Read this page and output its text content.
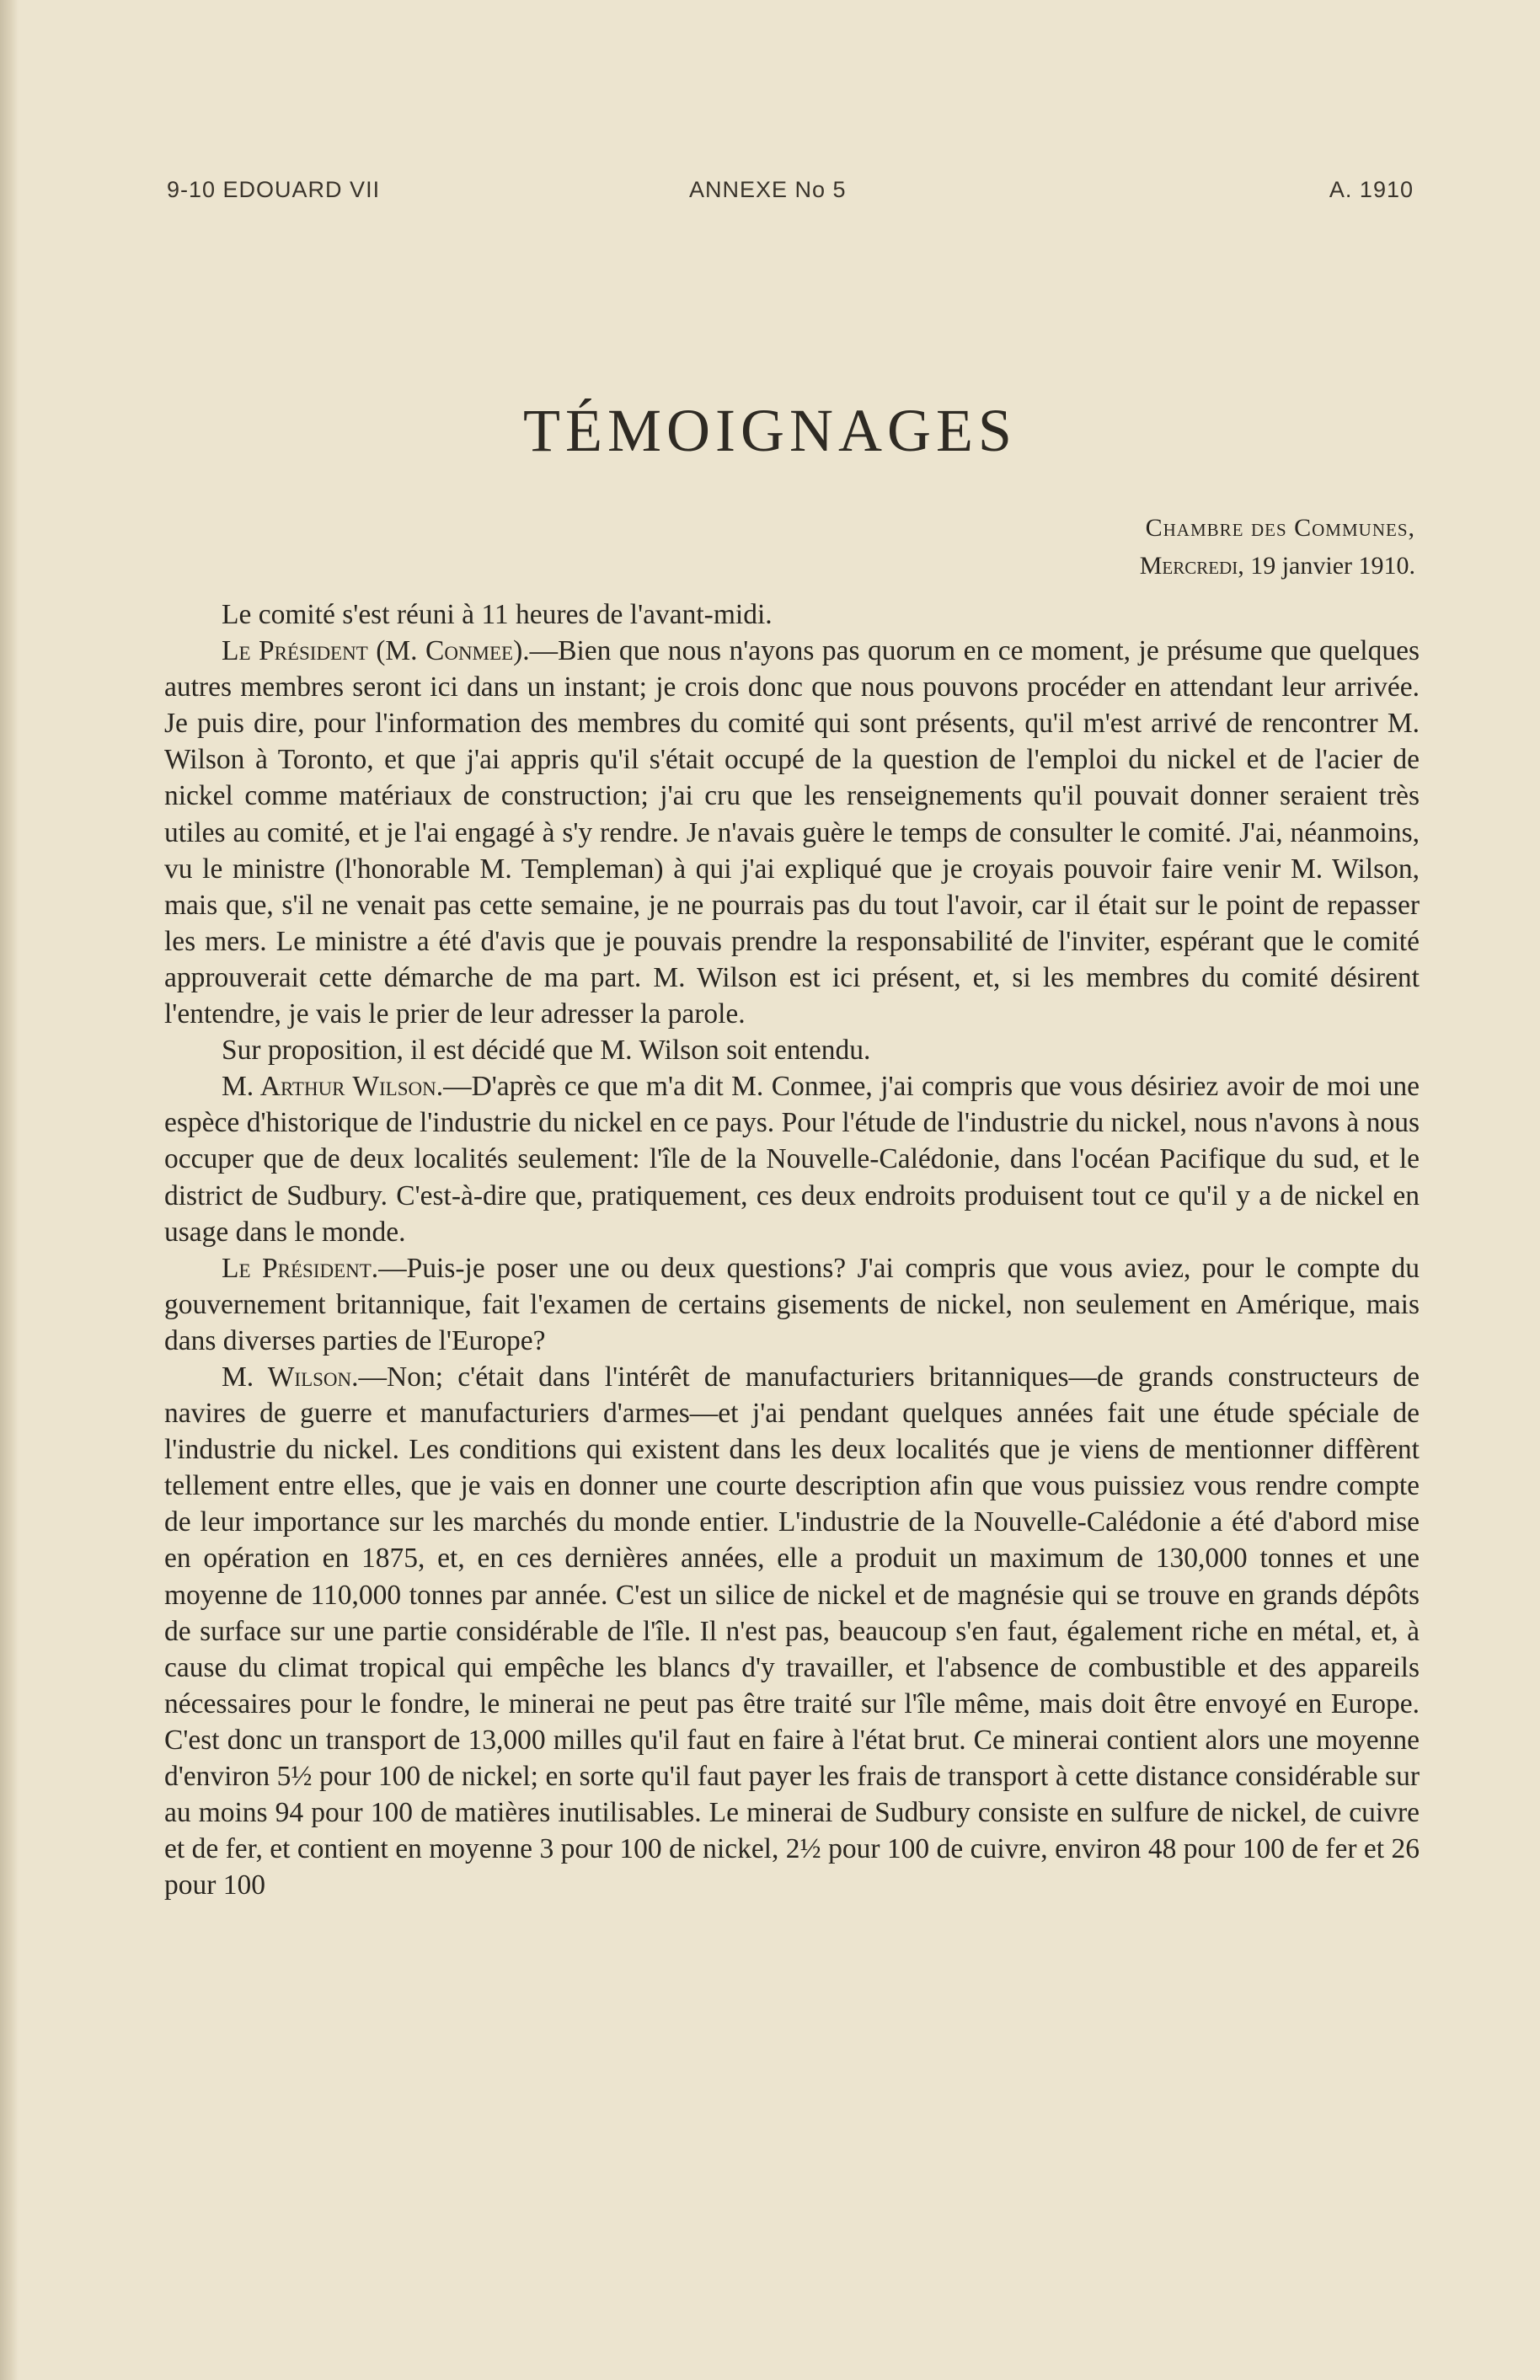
9-10 EDOUARD VII	ANNEXE No 5	A. 1910
TÉMOIGNAGES
Chambre des Communes,
Mercredi, 19 janvier 1910.

Le comité s'est réuni à 11 heures de l'avant-midi.

Le Président (M. Conmee).—Bien que nous n'ayons pas quorum en ce moment, je présume que quelques autres membres seront ici dans un instant; je crois donc que nous pouvons procéder en attendant leur arrivée. Je puis dire, pour l'information des membres du comité qui sont présents, qu'il m'est arrivé de rencontrer M. Wilson à Toronto, et que j'ai appris qu'il s'était occupé de la question de l'emploi du nickel et de l'acier de nickel comme matériaux de construction; j'ai cru que les renseignements qu'il pouvait donner seraient très utiles au comité, et je l'ai engagé à s'y rendre. Je n'avais guère le temps de consulter le comité. J'ai, néanmoins, vu le ministre (l'honorable M. Templeman) à qui j'ai expliqué que je croyais pouvoir faire venir M. Wilson, mais que, s'il ne venait pas cette semaine, je ne pourrais pas du tout l'avoir, car il était sur le point de repasser les mers. Le ministre a été d'avis que je pouvais prendre la responsabilité de l'inviter, espérant que le comité approuverait cette démarche de ma part. M. Wilson est ici présent, et, si les membres du comité désirent l'entendre, je vais le prier de leur adresser la parole.

Sur proposition, il est décidé que M. Wilson soit entendu.

M. Arthur Wilson.—D'après ce que m'a dit M. Conmee, j'ai compris que vous désiriez avoir de moi une espèce d'historique de l'industrie du nickel en ce pays. Pour l'étude de l'industrie du nickel, nous n'avons à nous occuper que de deux localités seulement: l'île de la Nouvelle-Calédonie, dans l'océan Pacifique du sud, et le district de Sudbury. C'est-à-dire que, pratiquement, ces deux endroits produisent tout ce qu'il y a de nickel en usage dans le monde.

Le Président.—Puis-je poser une ou deux questions? J'ai compris que vous aviez, pour le compte du gouvernement britannique, fait l'examen de certains gisements de nickel, non seulement en Amérique, mais dans diverses parties de l'Europe?

M. Wilson.—Non; c'était dans l'intérêt de manufacturiers britanniques—de grands constructeurs de navires de guerre et manufacturiers d'armes—et j'ai pendant quelques années fait une étude spéciale de l'industrie du nickel. Les conditions qui existent dans les deux localités que je viens de mentionner diffèrent tellement entre elles, que je vais en donner une courte description afin que vous puissiez vous rendre compte de leur importance sur les marchés du monde entier. L'industrie de la Nouvelle-Calédonie a été d'abord mise en opération en 1875, et, en ces dernières années, elle a produit un maximum de 130,000 tonnes et une moyenne de 110,000 tonnes par année. C'est un silice de nickel et de magnésie qui se trouve en grands dépôts de surface sur une partie considérable de l'île. Il n'est pas, beaucoup s'en faut, également riche en métal, et, à cause du climat tropical qui empêche les blancs d'y travailler, et l'absence de combustible et des appareils nécessaires pour le fondre, le minerai ne peut pas être traité sur l'île même, mais doit être envoyé en Europe. C'est donc un transport de 13,000 milles qu'il faut en faire à l'état brut. Ce minerai contient alors une moyenne d'environ 5½ pour 100 de nickel; en sorte qu'il faut payer les frais de transport à cette distance considérable sur au moins 94 pour 100 de matières inutilisables. Le minerai de Sudbury consiste en sulfure de nickel, de cuivre et de fer, et contient en moyenne 3 pour 100 de nickel, 2½ pour 100 de cuivre, environ 48 pour 100 de fer et 26 pour 100
